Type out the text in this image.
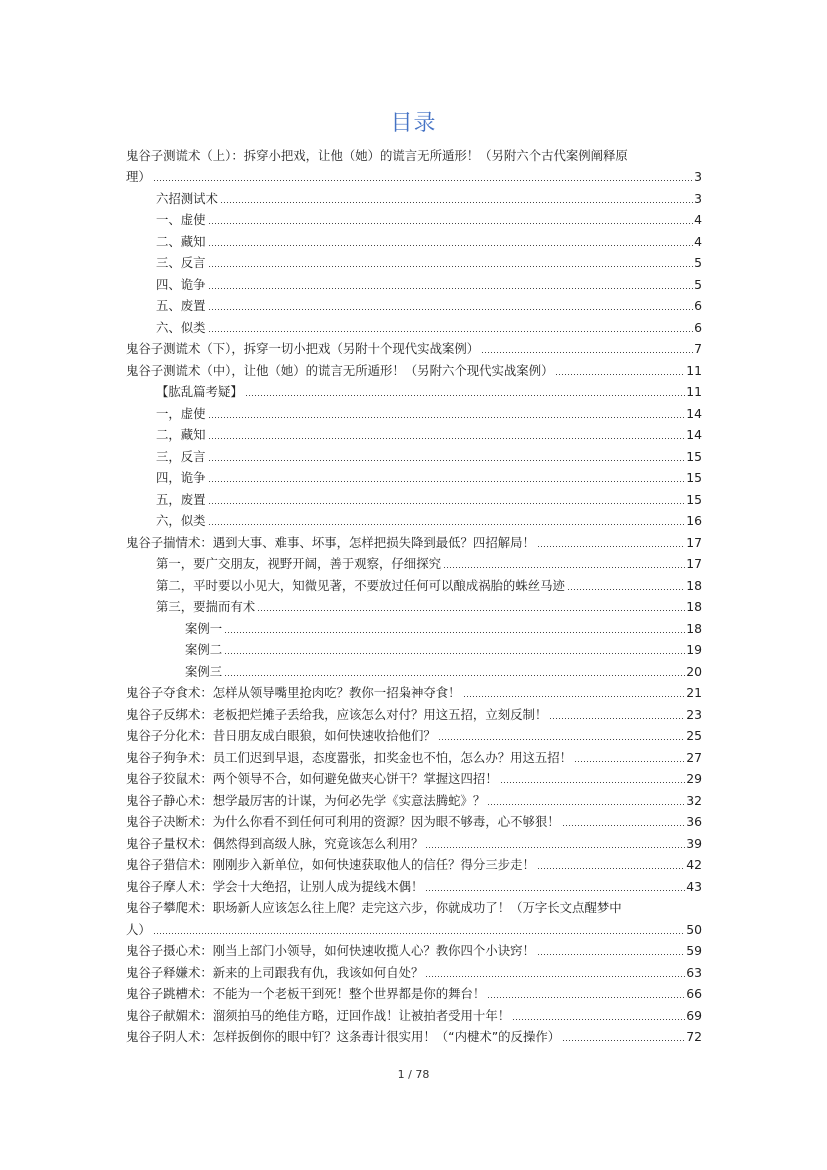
目录
鬼谷子测谎术（上）：拆穿小把戏，让他（她）的谎言无所遁形！（另附六个古代案例阐释原
理）	3
六招测试术	3
一、虚使	4
二、藏知	4
三、反言	5
四、诡争	5
五、废置	6
六、似类	6
鬼谷子测谎术（下），拆穿一切小把戏（另附十个现代实战案例）	7
鬼谷子测谎术（中），让他（她）的谎言无所遁形！（另附六个现代实战案例）	11
【肱乱篇考疑】	11
一，虚使	14
二，藏知	14
三，反言	15
四，诡争	15
五，废置	15
六，似类	16
鬼谷子揣情术：遇到大事、难事、坏事，怎样把损失降到最低？四招解局！	17
第一，要广交朋友，视野开阔，善于观察，仔细探究	17
第二，平时要以小见大，知微见著，不要放过任何可以酿成祸胎的蛛丝马迹	18
第三，要揣而有术	18
案例一	18
案例二	19
案例三	20
鬼谷子夺食术：怎样从领导嘴里抢肉吃？教你一招枭神夺食！	21
鬼谷子反绑术：老板把烂摊子丢给我，应该怎么对付？用这五招，立刻反制！	23
鬼谷子分化术：昔日朋友成白眼狼，如何快速收拾他们？	25
鬼谷子狗争术：员工们迟到早退，态度嚣张，扣奖金也不怕，怎么办？用这五招！	27
鬼谷子狡鼠术：两个领导不合，如何避免做夹心饼干？掌握这四招！	29
鬼谷子静心术：想学最厉害的计谋，为何必先学《实意法腾蛇》？	32
鬼谷子决断术：为什么你看不到任何可利用的资源？因为眼不够毒，心不够狠！	36
鬼谷子量权术：偶然得到高级人脉，究竟该怎么利用？	39
鬼谷子猎信术：刚刚步入新单位，如何快速获取他人的信任？得分三步走！	42
鬼谷子摩人术：学会十大绝招，让别人成为提线木偶！	43
鬼谷子攀爬术：职场新人应该怎么往上爬？走完这六步，你就成功了！（万字长文点醒梦中
人）	50
鬼谷子摄心术：刚当上部门小领导，如何快速收揽人心？教你四个小诀窍！	59
鬼谷子释嫌术：新来的上司跟我有仇，我该如何自处？	63
鬼谷子跳槽术：不能为一个老板干到死！整个世界都是你的舞台！	66
鬼谷子献媚术：溜须拍马的绝佳方略，迂回作战！让被拍者受用十年！	69
鬼谷子阴人术：怎样扳倒你的眼中钉？这条毒计很实用！（“内楗术”的反操作）	72
1 / 78
